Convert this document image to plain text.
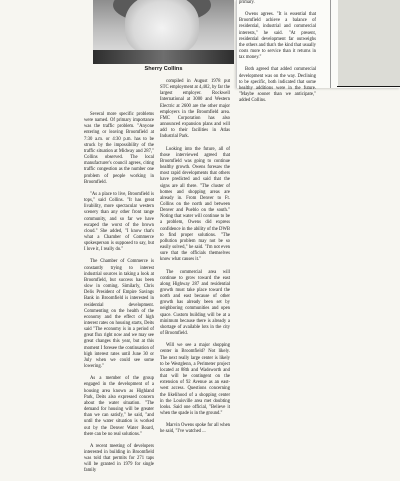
Sherry Collins

Several more specific problems were named. Of primary importance was the traffic problem. "Anyone entering or leaving Broomfield at 7:30 a.m. or 4:30 p.m. has to be struck by the impossibility of the traffic situation at Midway and 287," Collins observed. The local manufacturer's council agrees, citing traffic congestion as the number one problem of people working in Broomfield.

"As a place to live, Broomfield is tops," said Collins. "It has great livability, more spectacular western scenery than any other front range community, and so far we have escaped the worst of the brown cloud." She added, "I know that's what a Chamber of Commerce spokesperson is supposed to say, but I love it, I really do."

The Chamber of Commerce is constantly trying to interest industrial sources in taking a look at Broomfield, but success has been slow in coming. Similarly, Chris Delis President of Empire Savings Bank in Broomfield is interested in residential development. Commenting on the health of the economy and the effect of high interest rates on housing starts, Deits said "The economy is in a period of great flux right now and we may see great changes this year, but at this moment I foresee the continuation of high interest rates until June 30 or July when we could see some lowering."

As a member of the group engaged in the development of a housing area known as Highland Park, Deits also expressed concern about the water situation. "The demand for housing will be greater than we can satisfy," he said, "and until the water situation is worked out by the Denver Water Board, there can be no real solutions."

A recent meeting of developers interested in building in Broomfield was told that permits for 271 taps will be granted in 1979 for single family

compiled in August 1978 put STC employment at 4,402, by far the largest employer. Rockwell International at 3000 and Western Electric at 2600 are the other major employers in the Broomfield area. FMC Corporation has also announced expansion plans and will add to their facilities in Atlas Industrial Park.

Looking into the future, all of those interviewed agreed that Broomfield was going to continue healthy growth. Owens foresaw the most rapid developments that others have predicted and said that the signs are all there. "The cluster of homes and shopping areas are already in. From Denver to Ft. Collins on the north and between Denver and Pueblo on the south." Noting that water will continue to be a problem, Owens did express confidence in the ability of the DWB to find proper solutions. "The pollution problem may not be so easily solved," he said. "I'm not even sure that the officials themselves know what causes it."

The commercial area will continue to grow toward the east along Highway 287 and residential growth must take place toward the north and east because of other growth has already been set by neighboring communities and open space. Custom building will be at a minimum because there is already a shortage of available lots in the city of Broomfield.

Will we see a major shopping center in Broomfield? Not likely. The next really large center is likely to be Westglenn, a Perimeter project located at 88th and Wadsworth and that will be contingent on the extension of 92 Avenue as an east-west access. Questions concerning the likelihood of a shopping center in the Louisville area met doubting looks. Said one official, "Believe it when the spade is in the ground."

Marvin Owens spoke for all when he said, "I've watched ...

primary.

Owens agrees. "It is essential that Broomfield achieve a balance of residential, industrial and commercial interests," he said. "At present, residential development far outweighs the others and that's the kind that usually costs more to service than it returns in tax money."

Both agreed that added commercial development was on the way. Declining to be specific, both indicated that some healthy additions were in the future. "Maybe sooner than we anticipate," added Collins.
